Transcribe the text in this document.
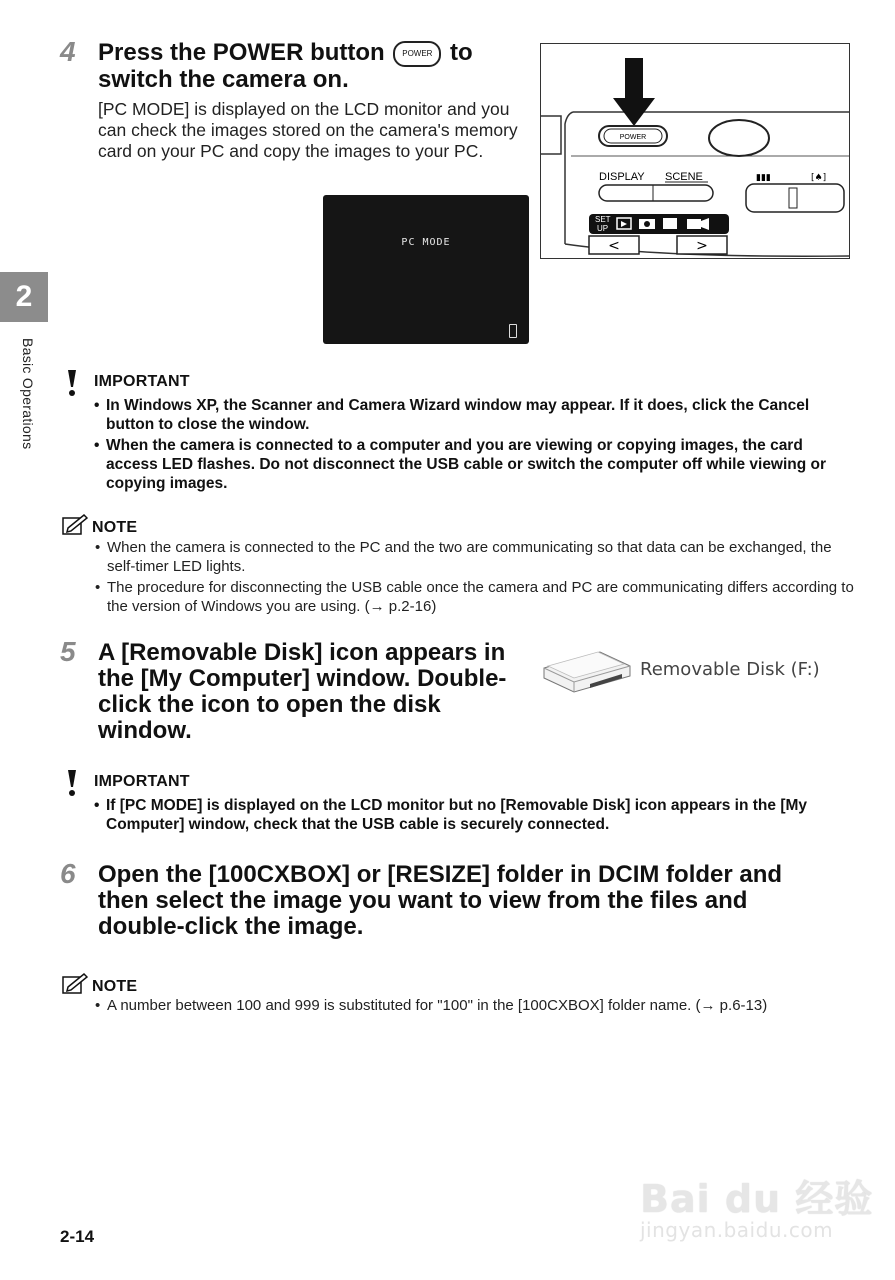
2
Basic Operations
4 Press the POWER button POWER to
switch the camera on.
[PC MODE] is displayed on the LCD monitor and you can check the images stored on the camera's memory card on your PC and copy the images to your PC.
PC MODE
POWER
DISPLAY SCENE	▮▮▮	[♠]
SET
UP
<	>
IMPORTANT
• In Windows XP, the Scanner and Camera Wizard window may appear. If it does, click the Cancel button to close the window.
• When the camera is connected to a computer and you are viewing or copying images, the card access LED flashes. Do not disconnect the USB cable or switch the computer off while viewing or copying images.
NOTE
• When the camera is connected to the PC and the two are communicating so that data can be exchanged, the self-timer LED lights.
• The procedure for disconnecting the USB cable once the camera and PC are communicating differs according to the version of Windows you are using. (→ p.2-16)
5 A [Removable Disk] icon appears in
the [My Computer] window. Double-
click the icon to open the disk
window.
Removable Disk (F:)
IMPORTANT
• If [PC MODE] is displayed on the LCD monitor but no [Removable Disk] icon appears in the [My Computer] window, check that the USB cable is securely connected.
6 Open the [100CXBOX] or [RESIZE] folder in DCIM folder and
then select the image you want to view from the files and
double-click the image.
NOTE
• A number between 100 and 999 is substituted for "100" in the [100CXBOX] folder name. (→ p.6-13)
Bai du 经验
jingyan.baidu.com
2-14
